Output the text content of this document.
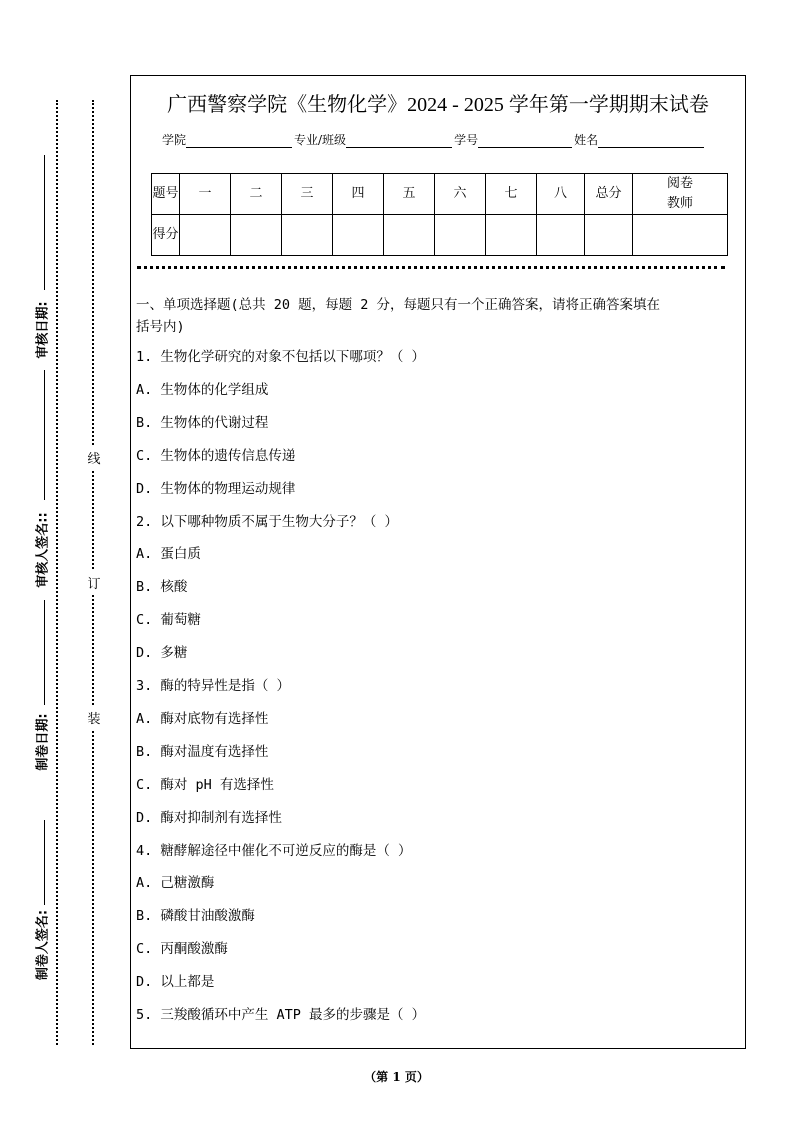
装
订
线
制卷人签名:
制卷日期:
审核人签名::
审核日期:
广西警察学院《生物化学》2024 - 2025 学年第一学期期末试卷
学院	专业/班级	学号	姓名
题号	一	二	三	四	五	六	七	八	总分	阅卷教师
得分										
一、单项选择题(总共 20 题，每题 2 分，每题只有一个正确答案，请将正确答案填在
括号内)
1. 生物化学研究的对象不包括以下哪项？（ ）
A. 生物体的化学组成
B. 生物体的代谢过程
C. 生物体的遗传信息传递
D. 生物体的物理运动规律
2. 以下哪种物质不属于生物大分子？（ ）
A. 蛋白质
B. 核酸
C. 葡萄糖
D. 多糖
3. 酶的特异性是指（ ）
A. 酶对底物有选择性
B. 酶对温度有选择性
C. 酶对 pH 有选择性
D. 酶对抑制剂有选择性
4. 糖酵解途径中催化不可逆反应的酶是（ ）
A. 己糖激酶
B. 磷酸甘油酸激酶
C. 丙酮酸激酶
D. 以上都是
5. 三羧酸循环中产生 ATP 最多的步骤是（ ）
（第 1 页）
